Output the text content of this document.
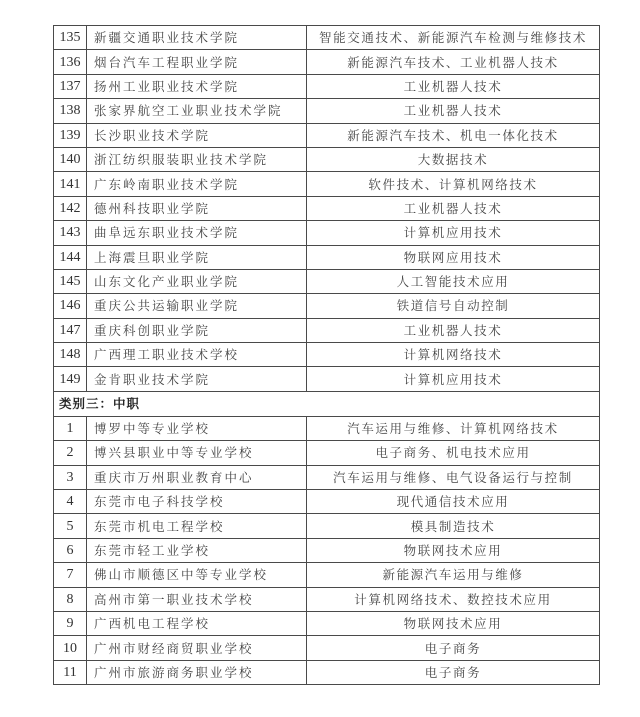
135	新疆交通职业技术学院	智能交通技术、新能源汽车检测与维修技术
136	烟台汽车工程职业学院	新能源汽车技术、工业机器人技术
137	扬州工业职业技术学院	工业机器人技术
138	张家界航空工业职业技术学院	工业机器人技术
139	长沙职业技术学院	新能源汽车技术、机电一体化技术
140	浙江纺织服装职业技术学院	大数据技术
141	广东岭南职业技术学院	软件技术、计算机网络技术
142	德州科技职业学院	工业机器人技术
143	曲阜远东职业技术学院	计算机应用技术
144	上海震旦职业学院	物联网应用技术
145	山东文化产业职业学院	人工智能技术应用
146	重庆公共运输职业学院	铁道信号自动控制
147	重庆科创职业学院	工业机器人技术
148	广西理工职业技术学校	计算机网络技术
149	金肯职业技术学院	计算机应用技术
类别三：中职		
1	博罗中等专业学校	汽车运用与维修、计算机网络技术
2	博兴县职业中等专业学校	电子商务、机电技术应用
3	重庆市万州职业教育中心	汽车运用与维修、电气设备运行与控制
4	东莞市电子科技学校	现代通信技术应用
5	东莞市机电工程学校	模具制造技术
6	东莞市轻工业学校	物联网技术应用
7	佛山市顺德区中等专业学校	新能源汽车运用与维修
8	高州市第一职业技术学校	计算机网络技术、数控技术应用
9	广西机电工程学校	物联网技术应用
10	广州市财经商贸职业学校	电子商务
11	广州市旅游商务职业学校	电子商务
